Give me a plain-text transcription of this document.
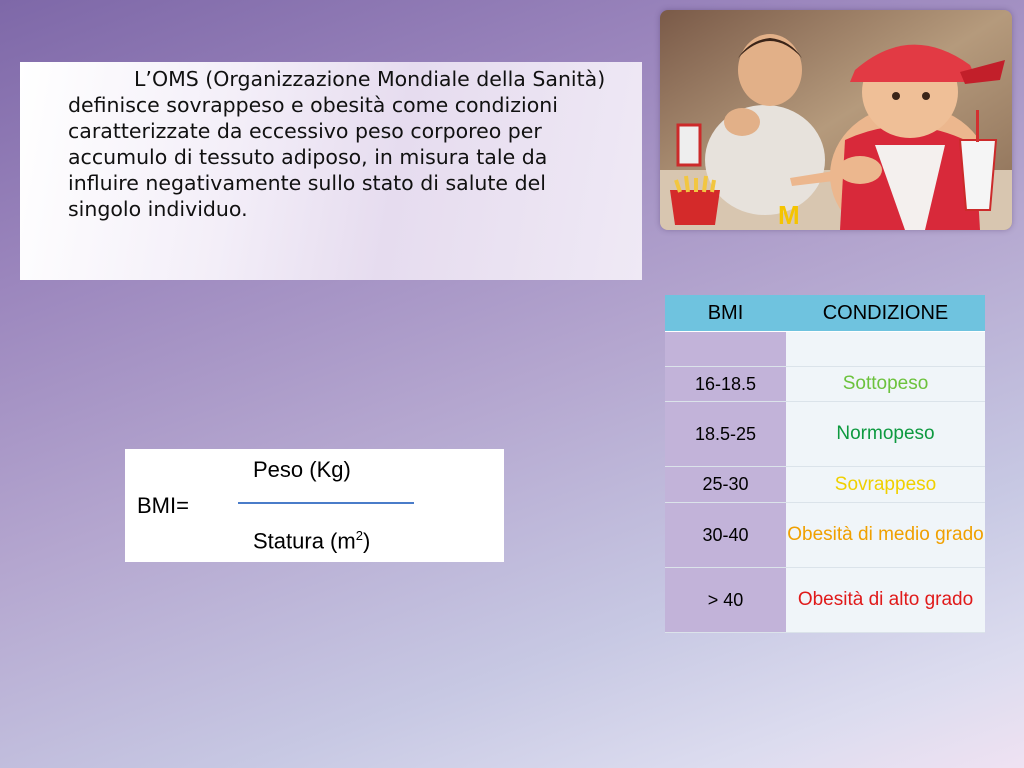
L’OMS (Organizzazione Mondiale della Sanità) definisce sovrappeso e obesità come condizioni caratterizzate da eccessivo peso corporeo per accumulo di tessuto adiposo, in misura tale da influire negativamente sullo stato di salute del singolo individuo.	M
Peso (Kg)
BMI=
Statura $(m^2)$
BMI	CONDIZIONE

16-18.5	Sottopeso
18.5-25	Normopeso
25-30	Sovrappeso
30-40	Obesità di medio grado
> 40	Obesità di alto grado
